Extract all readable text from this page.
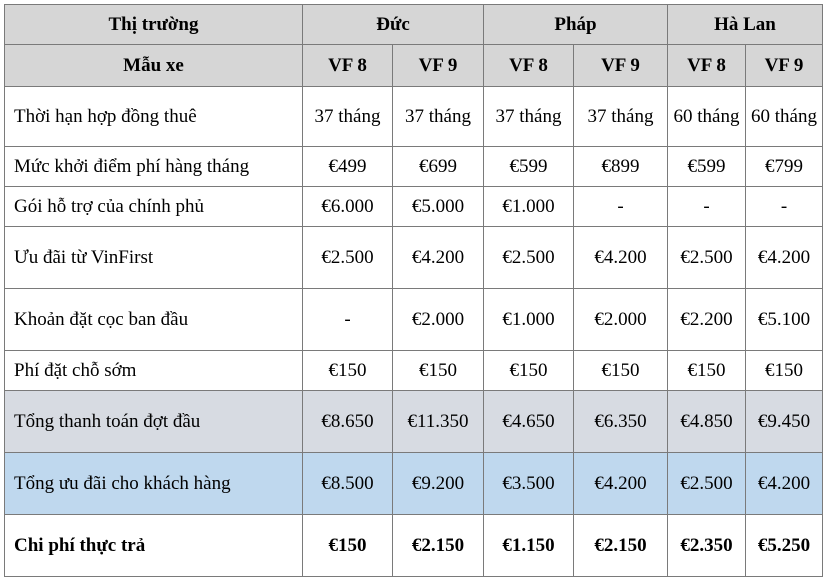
Thị trường	Đức		Pháp		Hà Lan	
Mẫu xe	VF 8	VF 9	VF 8	VF 9	VF 8	VF 9
Thời hạn hợp đồng thuê	37 tháng	37 tháng	37 tháng	37 tháng	60 tháng	60 tháng
Mức khởi điểm phí hàng tháng	€499	€699	€599	€899	€599	€799
Gói hỗ trợ của chính phủ	€6.000	€5.000	€1.000	-	-	-
Ưu đãi từ VinFirst	€2.500	€4.200	€2.500	€4.200	€2.500	€4.200
Khoản đặt cọc ban đầu	-	€2.000	€1.000	€2.000	€2.200	€5.100
Phí đặt chỗ sớm	€150	€150	€150	€150	€150	€150
Tổng thanh toán đợt đầu	€8.650	€11.350	€4.650	€6.350	€4.850	€9.450
Tổng ưu đãi cho khách hàng	€8.500	€9.200	€3.500	€4.200	€2.500	€4.200
Chi phí thực trả	€150	€2.150	€1.150	€2.150	€2.350	€5.250
